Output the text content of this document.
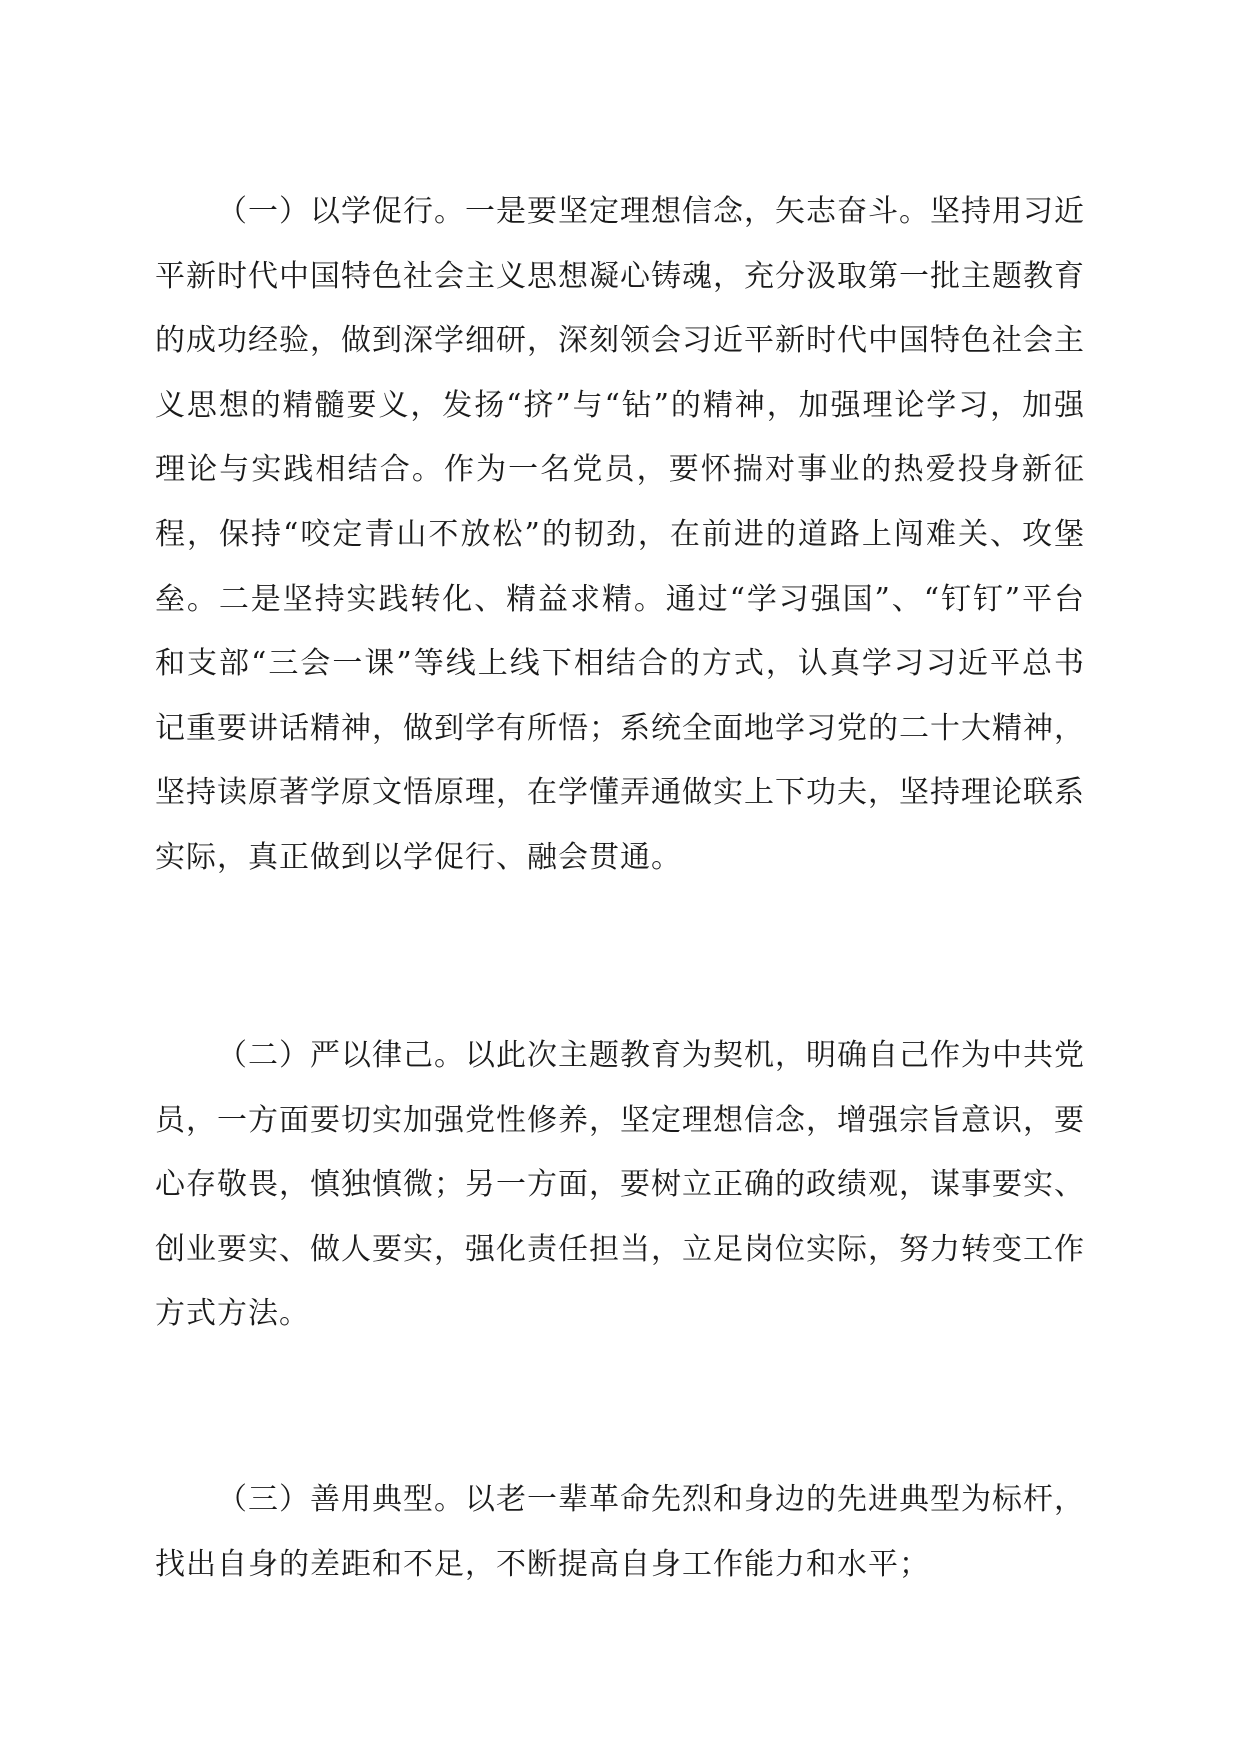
（一）以学促行。一是要坚定理想信念，矢志奋斗。坚持用习近平新时代中国特色社会主义思想凝心铸魂，充分汲取第一批主题教育的成功经验，做到深学细研，深刻领会习近平新时代中国特色社会主义思想的精髓要义，发扬“挤”与“钻”的精神，加强理论学习，加强理论与实践相结合。作为一名党员，要怀揣对事业的热爱投身新征程，保持“咬定青山不放松”的韧劲，在前进的道路上闯难关、攻堡垒。二是坚持实践转化、精益求精。通过“学习强国”、“钉钉”平台和支部“三会一课”等线上线下相结合的方式，认真学习习近平总书记重要讲话精神，做到学有所悟；系统全面地学习党的二十大精神，坚持读原著学原文悟原理，在学懂弄通做实上下功夫，坚持理论联系实际，真正做到以学促行、融会贯通。

（二）严以律己。以此次主题教育为契机，明确自己作为中共党员，一方面要切实加强党性修养，坚定理想信念，增强宗旨意识，要心存敬畏，慎独慎微；另一方面，要树立正确的政绩观，谋事要实、创业要实、做人要实，强化责任担当，立足岗位实际，努力转变工作方式方法。

（三）善用典型。以老一辈革命先烈和身边的先进典型为标杆，找出自身的差距和不足，不断提高自身工作能力和水平；
